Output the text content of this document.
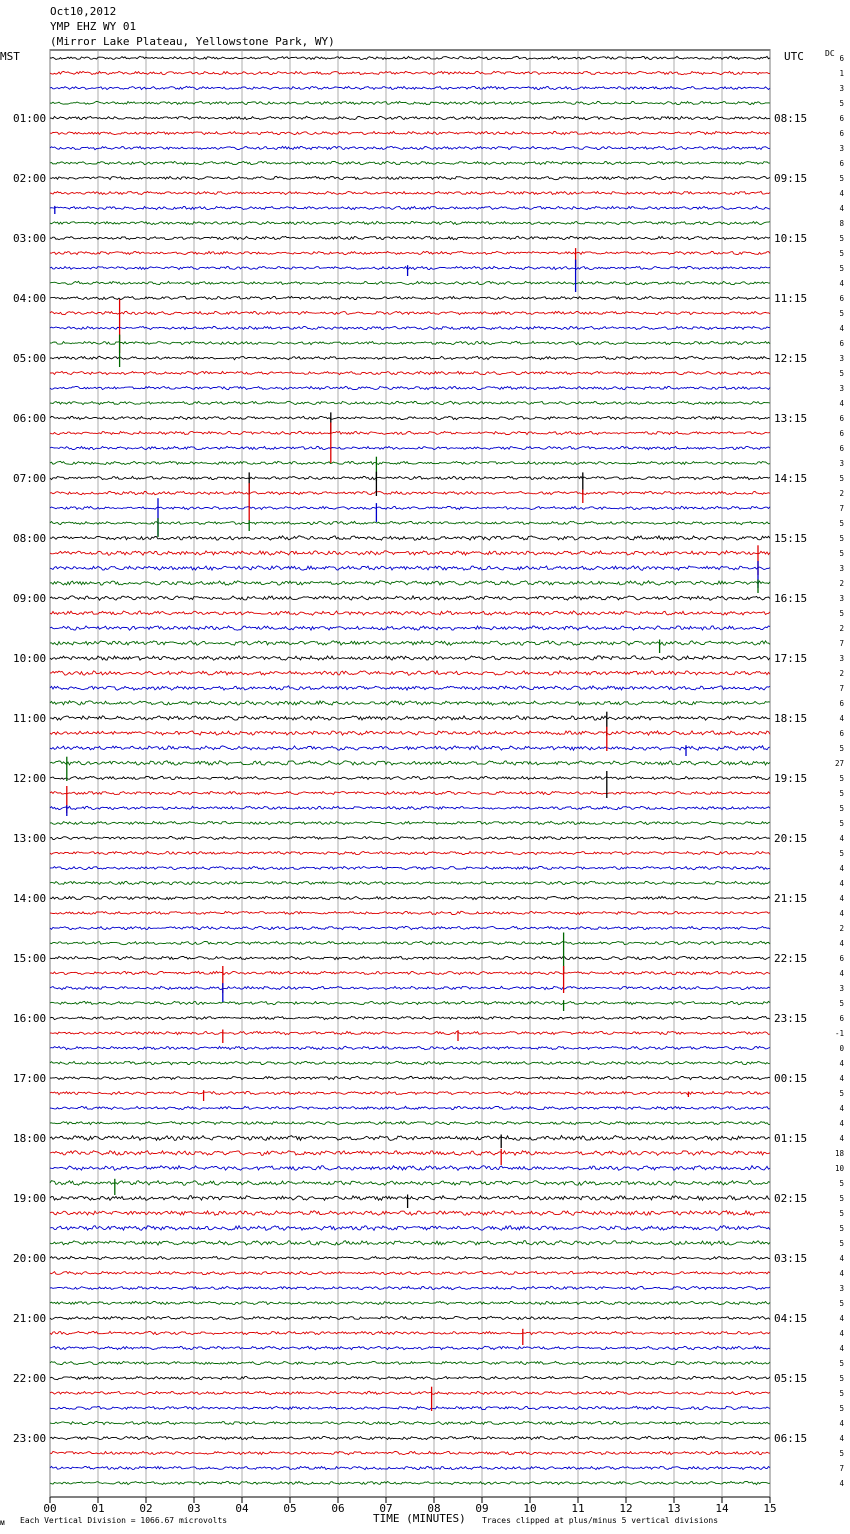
Oct10,2012
YMP EHZ WY 01
(Mirror Lake Plateau, Yellowstone Park, WY)
MST	UTC	DC
00	01	02	03	04	05	06	07	08	09	10	11	12	13	14	15
01:00
02:00
03:00
04:00
05:00
06:00
07:00
08:00
09:00
10:00
11:00
12:00
13:00
14:00
15:00
16:00
17:00
18:00
19:00
20:00
21:00
22:00
23:00
08:15
09:15
10:15
11:15
12:15
13:15
14:15
15:15
16:15
17:15
18:15
19:15
20:15
21:15
22:15
23:15
00:15
01:15
02:15
03:15
04:15
05:15
06:15
6
1
3
5
6
6
3
6
5
4
4
8
5
5
5
4
6
5
4
6
3
5
3
4
6
6
6
3
5
2
7
5
5
5
3
2
3
5
2
7
3
2
7
6
4
6
5
27
5
5
5
5
4
5
4
4
4
4
2
4
6
4
3
5
6
-1
0
4
4
5
4
4
4
18
10
5
5
5
5
5
4
4
3
5
4
4
4
5
5
5
5
4
4
5
7
4
ᴍ Each Vertical Division = 1066.67 microvolts	TIME (MINUTES) Traces clipped at plus/minus 5 vertical divisions
